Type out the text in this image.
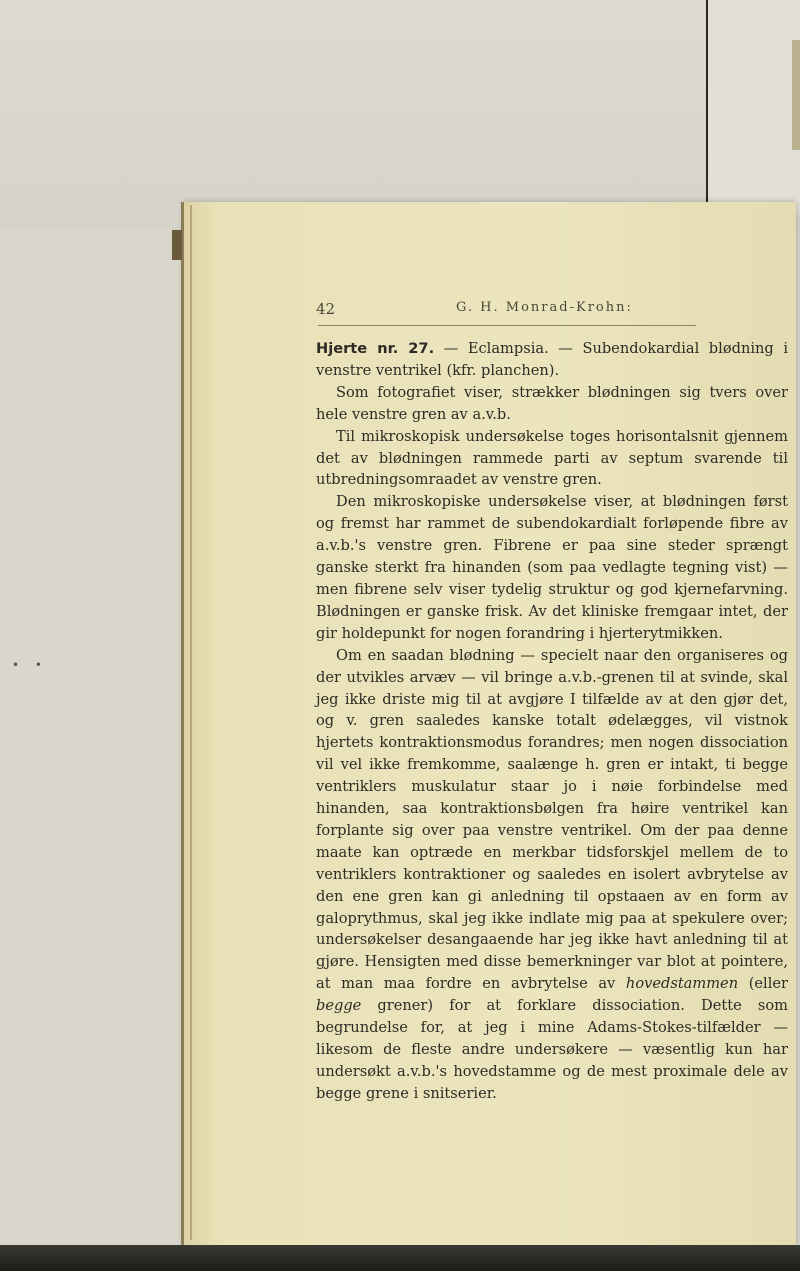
• •
42	G. H. Monrad-Krohn:

Hjerte nr. 27. — Eclampsia. — Subendokardial blødning i venstre ventrikel (kfr. planchen).

Som fotografiet viser, strækker blødningen sig tvers over hele venstre gren av a.v.b.

Til mikroskopisk undersøkelse toges horisontalsnit gjennem det av blødningen rammede parti av septum svarende til utbredningsomraadet av venstre gren.

Den mikroskopiske undersøkelse viser, at blødningen først og fremst har rammet de subendokardialt forløpende fibre av a.v.b.'s venstre gren. Fibrene er paa sine steder sprængt ganske sterkt fra hinanden (som paa vedlagte tegning vist) — men fibrene selv viser tydelig struktur og god kjernefarvning. Blødningen er ganske frisk. Av det kliniske fremgaar intet, der gir holdepunkt for nogen forandring i hjerterytmikken.

Om en saadan blødning — specielt naar den organiseres og der utvikles arvæv — vil bringe a.v.b.-grenen til at svinde, skal jeg ikke driste mig til at avgjøre I tilfælde av at den gjør det, og v. gren saaledes kanske totalt ødelægges, vil vistnok hjertets kontraktionsmodus forandres; men nogen dissociation vil vel ikke fremkomme, saalænge h. gren er intakt, ti begge ventriklers muskulatur staar jo i nøie forbindelse med hinanden, saa kontraktionsbølgen fra høire ventrikel kan forplante sig over paa venstre ventrikel. Om der paa denne maate kan optræde en merkbar tidsforskjel mellem de to ventriklers kontraktioner og saaledes en isolert avbrytelse av den ene gren kan gi anledning til opstaaen av en form av galoprythmus, skal jeg ikke indlate mig paa at spekulere over; undersøkelser desangaaende har jeg ikke havt anledning til at gjøre. Hensigten med disse bemerkninger var blot at pointere, at man maa fordre en avbrytelse av hovedstammen (eller begge grener) for at forklare dissociation. Dette som begrundelse for, at jeg i mine Adams-Stokes-tilfælder — likesom de fleste andre undersøkere — væsentlig kun har undersøkt a.v.b.'s hovedstamme og de mest proximale dele av begge grene i snitserier.
